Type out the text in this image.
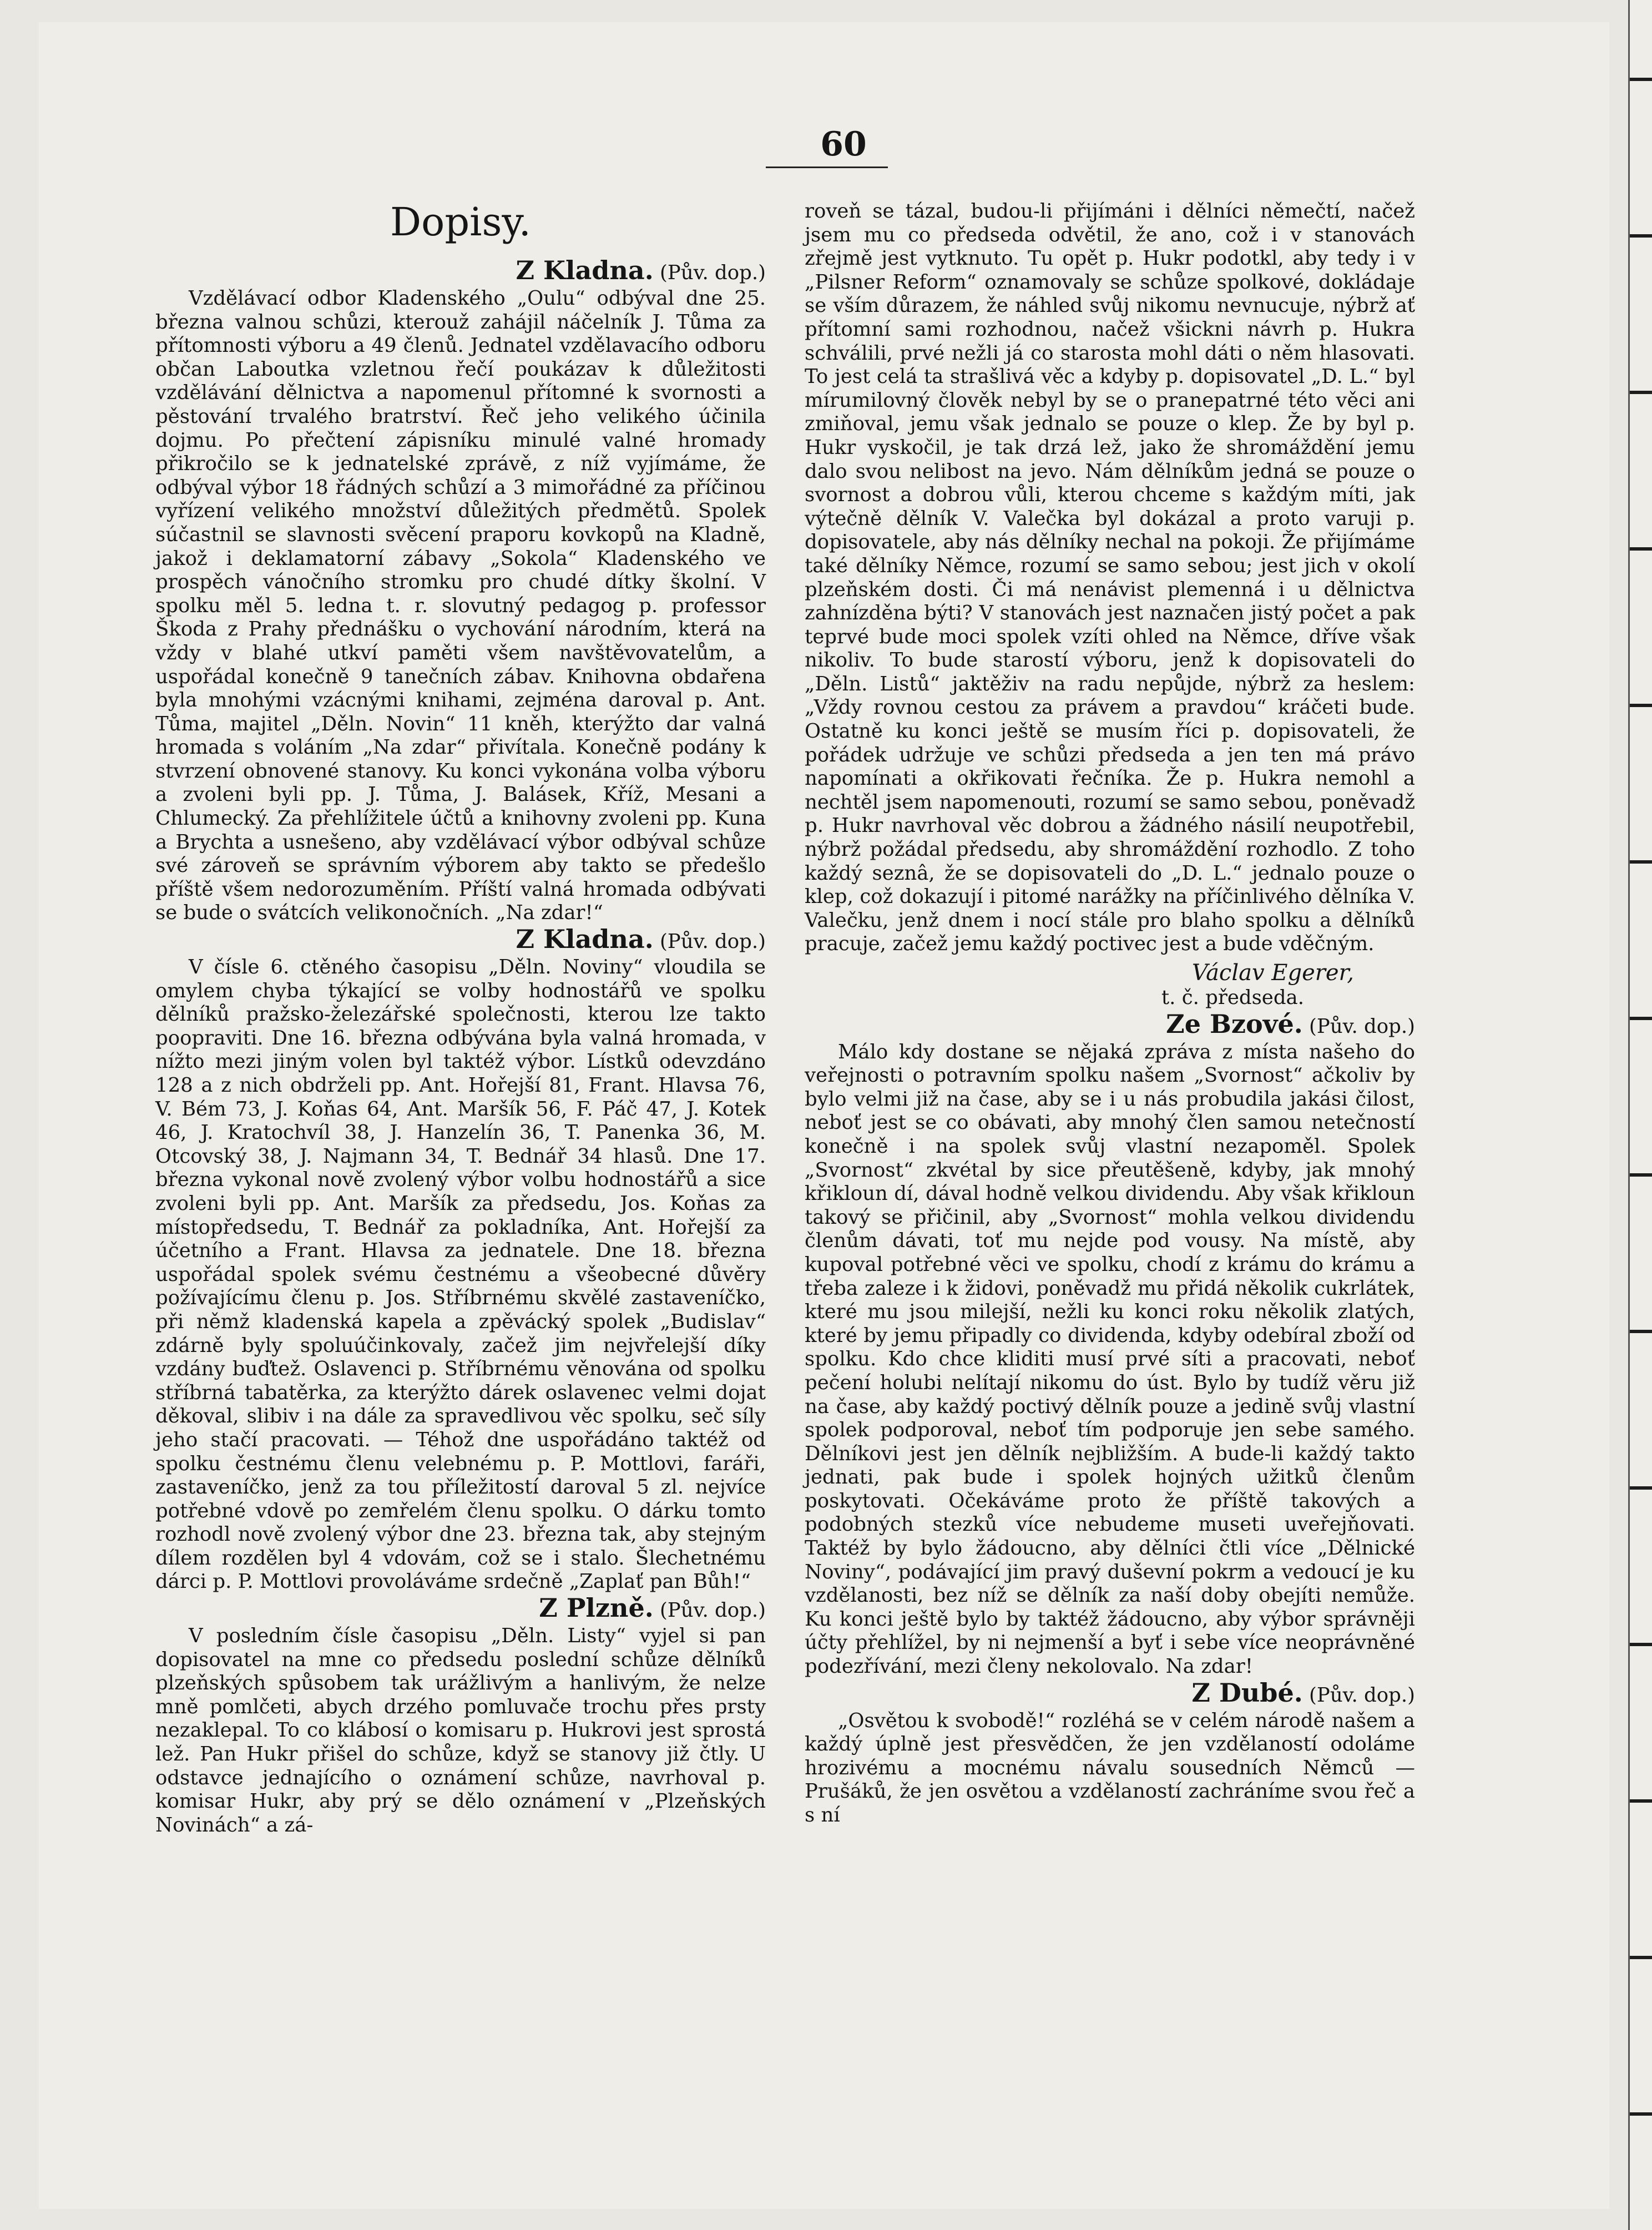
60
Dopisy.
Z Kladna. (Pův. dop.)

Vzdělávací odbor Kladenského „Oulu“ odbýval dne 25. března valnou schůzi, kterouž zahájil náčelník J. Tůma za přítomnosti výboru a 49 členů. Jednatel vzdělavacího odboru občan Laboutka vzletnou řečí poukázav k důležitosti vzdělávání dělnictva a napomenul přítomné k svornosti a pěstování trvalého bratrství. Řeč jeho velikého účinila dojmu. Po přečtení zápisníku minulé valné hromady přikročilo se k jednatelské zprávě, z níž vyjímáme, že odbýval výbor 18 řádných schůzí a 3 mimořádné za příčinou vyřízení velikého množství důležitých předmětů. Spolek súčastnil se slavnosti svěcení praporu kovkopů na Kladně, jakož i deklamatorní zábavy „Sokola“ Kladenského ve prospěch vánočního stromku pro chudé dítky školní. V spolku měl 5. ledna t. r. slovutný pedagog p. professor Škoda z Prahy přednášku o vychování národním, která na vždy v blahé utkví paměti všem navštěvovatelům, a uspořádal konečně 9 tanečních zábav. Knihovna obdařena byla mnohými vzácnými knihami, zejména daroval p. Ant. Tůma, majitel „Děln. Novin“ 11 kněh, kterýžto dar valná hromada s voláním „Na zdar“ přivítala. Konečně podány k stvrzení obnovené stanovy. Ku konci vykonána volba výboru a zvoleni byli pp. J. Tůma, J. Balásek, Kříž, Mesani a Chlumecký. Za přehlížitele účtů a knihovny zvoleni pp. Kuna a Brychta a usnešeno, aby vzdělávací výbor odbýval schůze své zároveň se správním výborem aby takto se předešlo příště všem nedorozuměním. Příští valná hromada odbývati se bude o svátcích velikonočních. „Na zdar!“

Z Kladna. (Pův. dop.)

V čísle 6. ctěného časopisu „Děln. Noviny“ vloudila se omylem chyba týkající se volby hodnostářů ve spolku dělníků pražsko-železářské společnosti, kterou lze takto poopraviti. Dne 16. března odbývána byla valná hromada, v nížto mezi jiným volen byl taktéž výbor. Lístků odevzdáno 128 a z nich obdrželi pp. Ant. Hořejší 81, Frant. Hlavsa 76, V. Bém 73, J. Koňas 64, Ant. Maršík 56, F. Páč 47, J. Kotek 46, J. Kratochvíl 38, J. Hanzelín 36, T. Panenka 36, M. Otcovský 38, J. Najmann 34, T. Bednář 34 hlasů. Dne 17. března vykonal nově zvolený výbor volbu hodnostářů a sice zvoleni byli pp. Ant. Maršík za předsedu, Jos. Koňas za místopředsedu, T. Bednář za pokladníka, Ant. Hořejší za účetního a Frant. Hlavsa za jednatele. Dne 18. března uspořádal spolek svému čestnému a všeobecné důvěry požívajícímu členu p. Jos. Stříbrnému skvělé zastaveníčko, při němž kladenská kapela a zpěvácký spolek „Budislav“ zdárně byly spoluúčinkovaly, začež jim nejvřelejší díky vzdány buďtež. Oslavenci p. Stříbrnému věnována od spolku stříbrná tabatěrka, za kterýžto dárek oslavenec velmi dojat děkoval, slibiv i na dále za spravedlivou věc spolku, seč síly jeho stačí pracovati. — Téhož dne uspořádáno taktéž od spolku čestnému členu velebnému p. P. Mottlovi, faráři, zastaveníčko, jenž za tou příležitostí daroval 5 zl. nejvíce potřebné vdově po zemřelém členu spolku. O dárku tomto rozhodl nově zvolený výbor dne 23. března tak, aby stejným dílem rozdělen byl 4 vdovám, což se i stalo. Šlechetnému dárci p. P. Mottlovi provoláváme srdečně „Zaplať pan Bůh!“

Z Plzně. (Pův. dop.)

V posledním čísle časopisu „Děln. Listy“ vyjel si pan dopisovatel na mne co předsedu poslední schůze dělníků plzeňských spůsobem tak urážlivým a hanlivým, že nelze mně pomlčeti, abych drzého pomluvače trochu přes prsty nezaklepal. To co klábosí o komisaru p. Hukrovi jest sprostá lež. Pan Hukr přišel do schůze, když se stanovy již čtly. U odstavce jednajícího o oznámení schůze, navrhoval p. komisar Hukr, aby prý se dělo oznámení v „Plzeňských Novinách“ a zá-

roveň se tázal, budou-li přijímáni i dělníci němečtí, načež jsem mu co předseda odvětil, že ano, což i v stanovách zřejmě jest vytknuto. Tu opět p. Hukr podotkl, aby tedy i v „Pilsner Reform“ oznamovaly se schůze spolkové, dokládaje se vším důrazem, že náhled svůj nikomu nevnucuje, nýbrž ať přítomní sami rozhodnou, načež všickni návrh p. Hukra schválili, prvé nežli já co starosta mohl dáti o něm hlasovati. To jest celá ta strašlivá věc a kdyby p. dopisovatel „D. L.“ byl mírumilovný člověk nebyl by se o pranepatrné této věci ani zmiňoval, jemu však jednalo se pouze o klep. Že by byl p. Hukr vyskočil, je tak drzá lež, jako že shromáždění jemu dalo svou nelibost na jevo. Nám dělníkům jedná se pouze o svornost a dobrou vůli, kterou chceme s každým míti, jak výtečně dělník V. Valečka byl dokázal a proto varuji p. dopisovatele, aby nás dělníky nechal na pokoji. Že přijímáme také dělníky Němce, rozumí se samo sebou; jest jich v okolí plzeňském dosti. Či má nenávist plemenná i u dělnictva zahnízděna býti? V stanovách jest naznačen jistý počet a pak teprvé bude moci spolek vzíti ohled na Němce, dříve však nikoliv. To bude starostí výboru, jenž k dopisovateli do „Děln. Listů“ jaktěživ na radu nepůjde, nýbrž za heslem: „Vždy rovnou cestou za právem a pravdou“ kráčeti bude. Ostatně ku konci ještě se musím říci p. dopisovateli, že pořádek udržuje ve schůzi předseda a jen ten má právo napomínati a okřikovati řečníka. Že p. Hukra nemohl a nechtěl jsem napomenouti, rozumí se samo sebou, poněvadž p. Hukr navrhoval věc dobrou a žádného násilí neupotřebil, nýbrž požádal předsedu, aby shromáždění rozhodlo. Z toho každý seznâ, že se dopisovateli do „D. L.“ jednalo pouze o klep, což dokazují i pitomé narážky na příčinlivého dělníka V. Valečku, jenž dnem i nocí stále pro blaho spolku a dělníků pracuje, začež jemu každý poctivec jest a bude vděčným.

Václav Egerer,
t. č. předseda.
Ze Bzové. (Pův. dop.)

Málo kdy dostane se nějaká zpráva z místa našeho do veřejnosti o potravním spolku našem „Svornost“ ačkoliv by bylo velmi již na čase, aby se i u nás probudila jakási čilost, neboť jest se co obávati, aby mnohý člen samou netečností konečně i na spolek svůj vlastní nezapoměl. Spolek „Svornost“ zkvétal by sice přeutěšeně, kdyby, jak mnohý křikloun dí, dával hodně velkou dividendu. Aby však křikloun takový se přičinil, aby „Svornost“ mohla velkou dividendu členům dávati, toť mu nejde pod vousy. Na místě, aby kupoval potřebné věci ve spolku, chodí z krámu do krámu a třeba zaleze i k židovi, poněvadž mu přidá několik cukrlátek, které mu jsou milejší, nežli ku konci roku několik zlatých, které by jemu připadly co dividenda, kdyby odebíral zboží od spolku. Kdo chce kliditi musí prvé síti a pracovati, neboť pečení holubi nelítají nikomu do úst. Bylo by tudíž věru již na čase, aby každý poctivý dělník pouze a jedině svůj vlastní spolek podporoval, neboť tím podporuje jen sebe samého. Dělníkovi jest jen dělník nejbližším. A bude-li každý takto jednati, pak bude i spolek hojných užitků členům poskytovati. Očekáváme proto že příště takových a podobných stezků více nebudeme museti uveřejňovati. Taktéž by bylo žádoucno, aby dělníci čtli více „Dělnické Noviny“, podávající jim pravý duševní pokrm a vedoucí je ku vzdělanosti, bez níž se dělník za naší doby obejíti nemůže. Ku konci ještě bylo by taktéž žádoucno, aby výbor správněji účty přehlížel, by ni nejmenší a byť i sebe více neoprávněné podezřívání, mezi členy nekolovalo. Na zdar!

Z Dubé. (Pův. dop.)

„Osvětou k svobodě!“ rozléhá se v celém národě našem a každý úplně jest přesvědčen, že jen vzdělaností odoláme hrozivému a mocnému návalu sousedních Němců — Prušáků, že jen osvětou a vzdělaností zachráníme svou řeč a s ní
